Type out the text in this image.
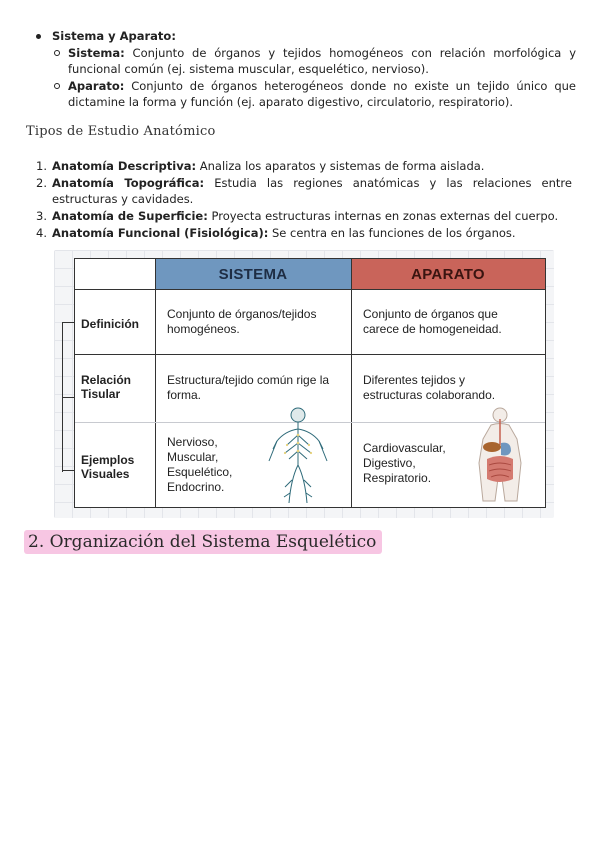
Sistema y Aparato:
Sistema: Conjunto de órganos y tejidos homogéneos con relación morfológica y funcional común (ej. sistema muscular, esquelético, nervioso).
Aparato: Conjunto de órganos heterogéneos donde no existe un tejido único que dictamine la forma y función (ej. aparato digestivo, circulatorio, respiratorio).
Tipos de Estudio Anatómico
1. Anatomía Descriptiva: Analiza los aparatos y sistemas de forma aislada.
2. Anatomía Topográfica: Estudia las regiones anatómicas y las relaciones entre estructuras y cavidades.
3. Anatomía de Superficie: Proyecta estructuras internas en zonas externas del cuerpo.
4. Anatomía Funcional (Fisiológica): Se centra en las funciones de los órganos.
SISTEMA	APARATO
Definición
Conjunto de órganos/tejidos homogéneos.
Conjunto de órganos que carece de homogeneidad.
Relación Tisular
Estructura/tejido común rige la forma.
Diferentes tejidos y estructuras colaborando.
Ejemplos Visuales
Nervioso, Muscular, Esquelético, Endocrino.
Cardiovascular, Digestivo, Respiratorio.
2. Organización del Sistema Esquelético
